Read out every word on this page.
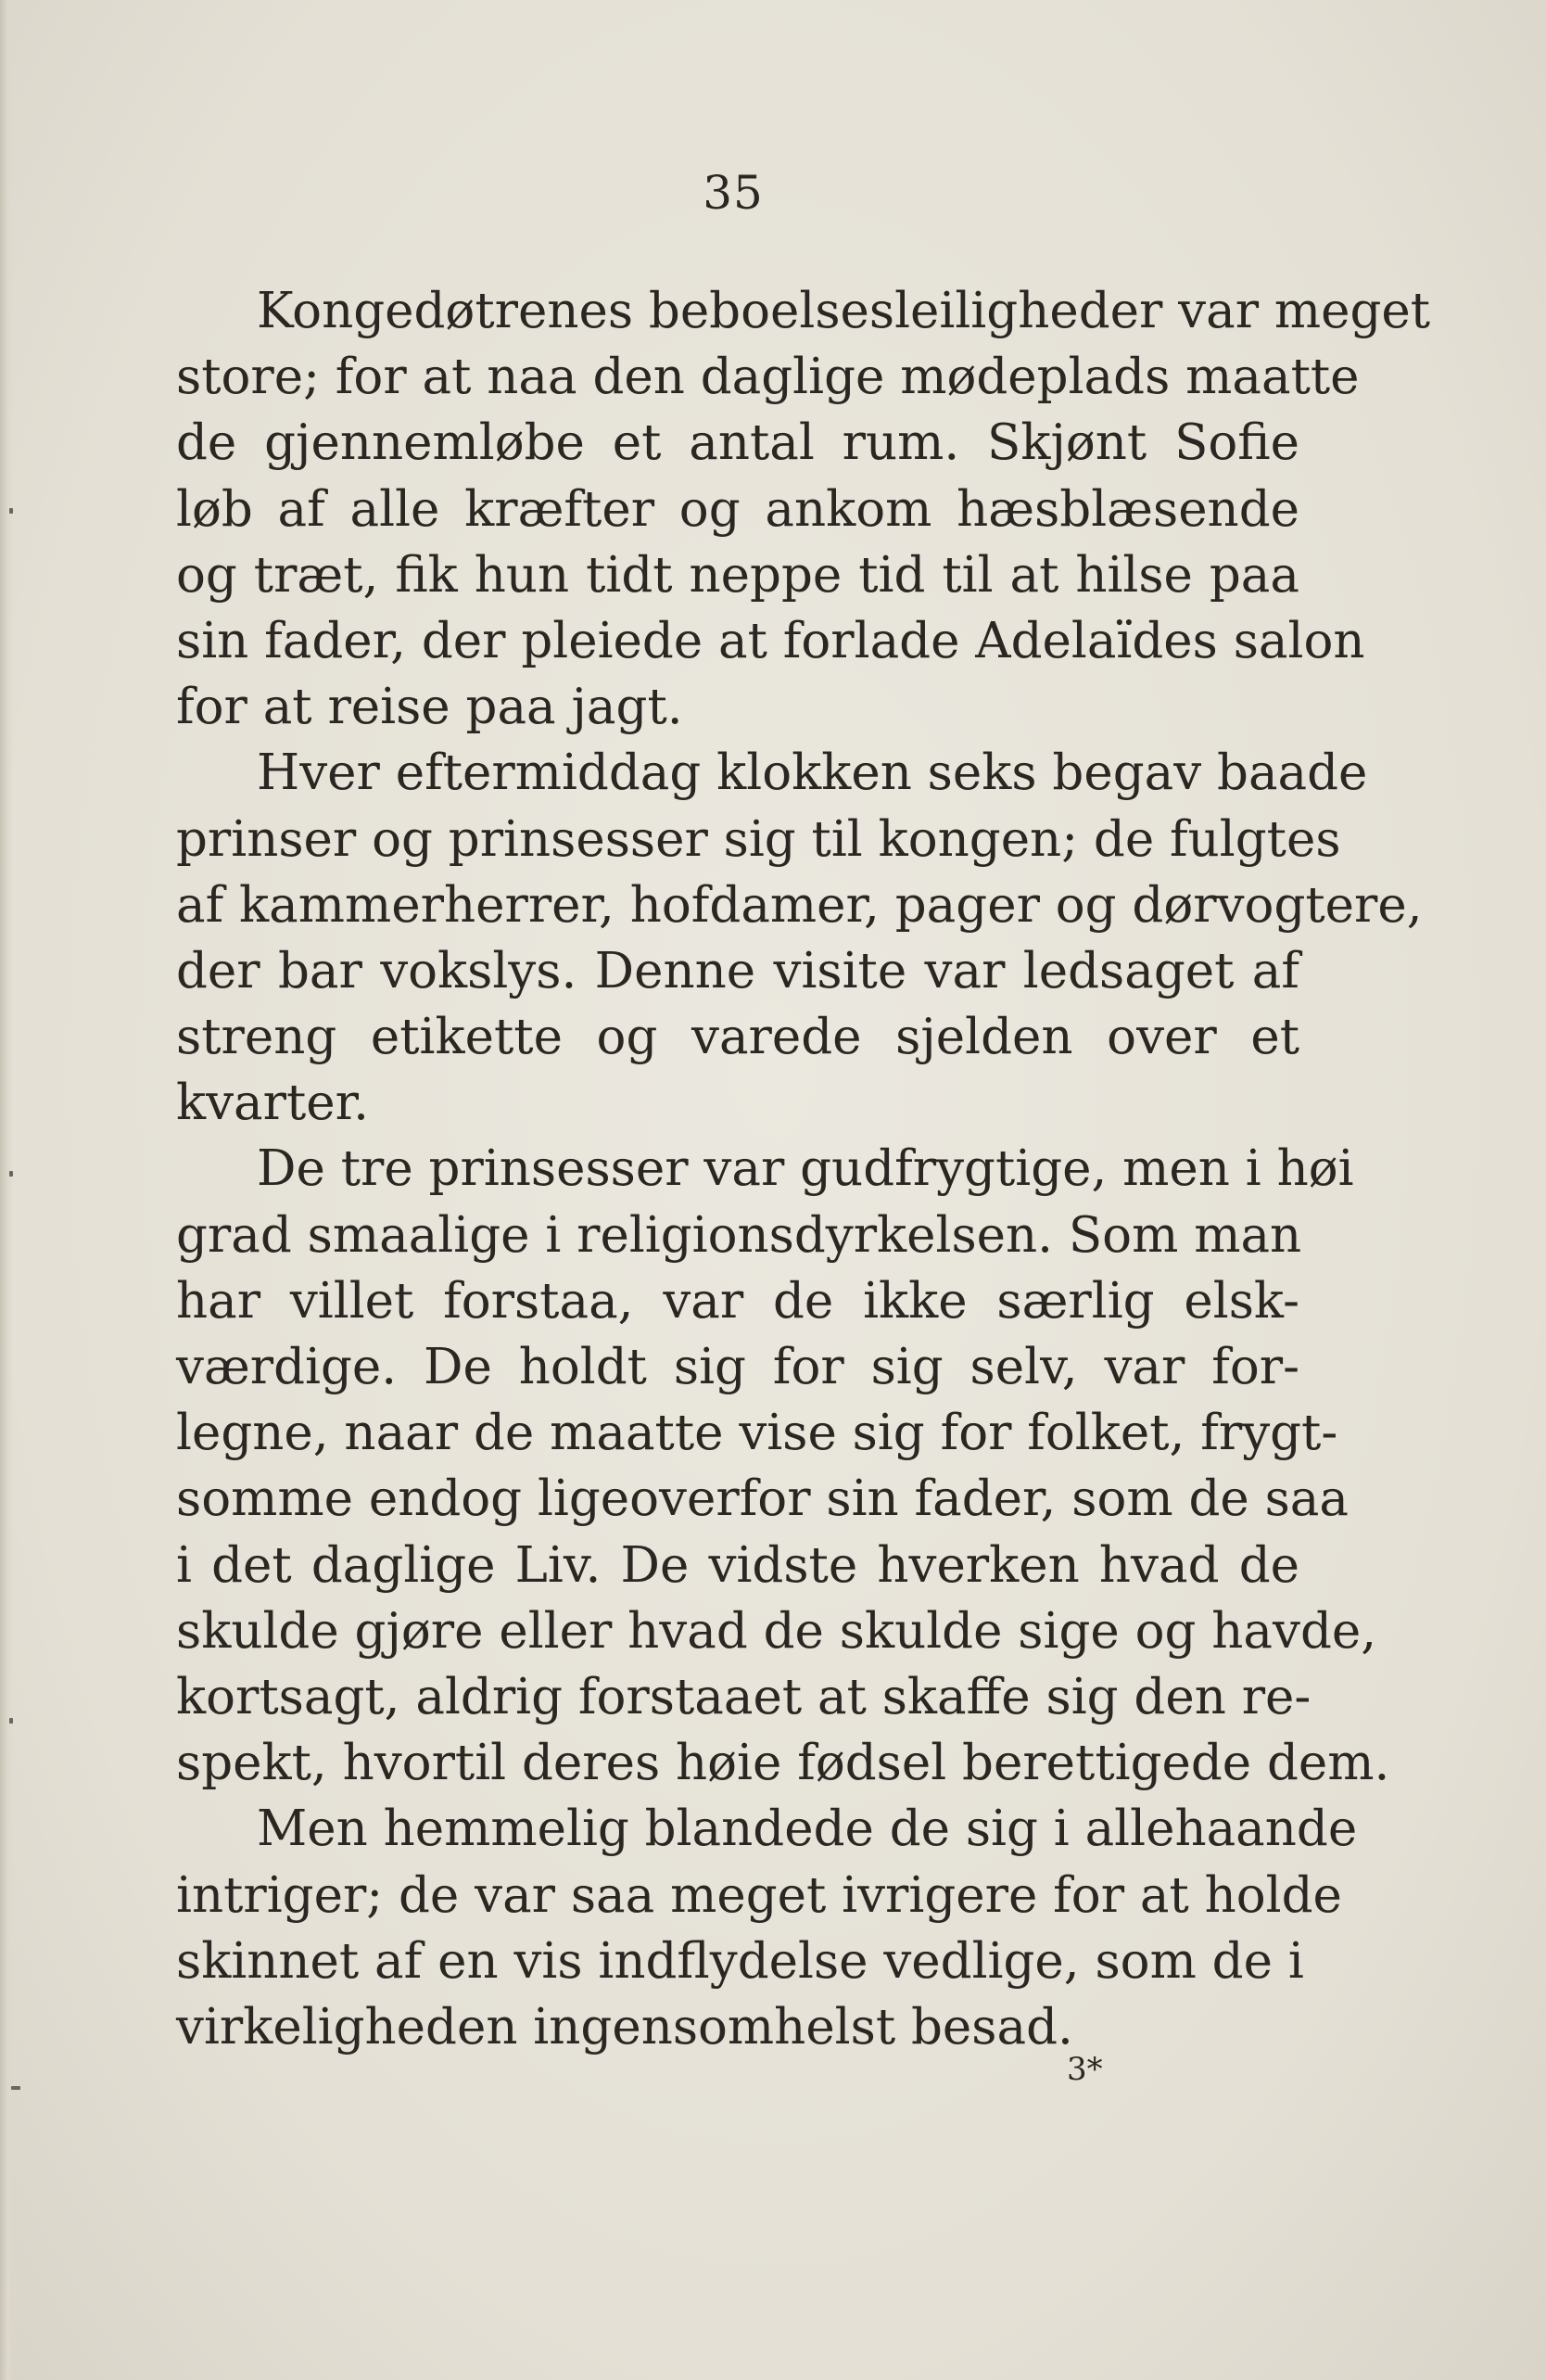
35
Kongedøtrenes beboelsesleiligheder var meget
store; for at naa den daglige mødeplads maatte
de gjennemløbe et antal rum. Skjønt Sofie
løb af alle kræfter og ankom hæsblæsende
og træt, fik hun tidt neppe tid til at hilse paa
sin fader, der pleiede at forlade Adelaïdes salon
for at reise paa jagt.
Hver eftermiddag klokken seks begav baade
prinser og prinsesser sig til kongen; de fulgtes
af kammerherrer, hofdamer, pager og dørvogtere,
der bar vokslys. Denne visite var ledsaget af
streng etikette og varede sjelden over et
kvarter.
De tre prinsesser var gudfrygtige, men i høi
grad smaalige i religionsdyrkelsen. Som man
har villet forstaa, var de ikke særlig elsk-
værdige. De holdt sig for sig selv, var for-
legne, naar de maatte vise sig for folket, frygt-
somme endog ligeoverfor sin fader, som de saa
i det daglige Liv. De vidste hverken hvad de
skulde gjøre eller hvad de skulde sige og havde,
kortsagt, aldrig forstaaet at skaffe sig den re-
spekt, hvortil deres høie fødsel berettigede dem.
Men hemmelig blandede de sig i allehaande
intriger; de var saa meget ivrigere for at holde
skinnet af en vis indflydelse vedlige, som de i
virkeligheden ingensomhelst besad.
3*
